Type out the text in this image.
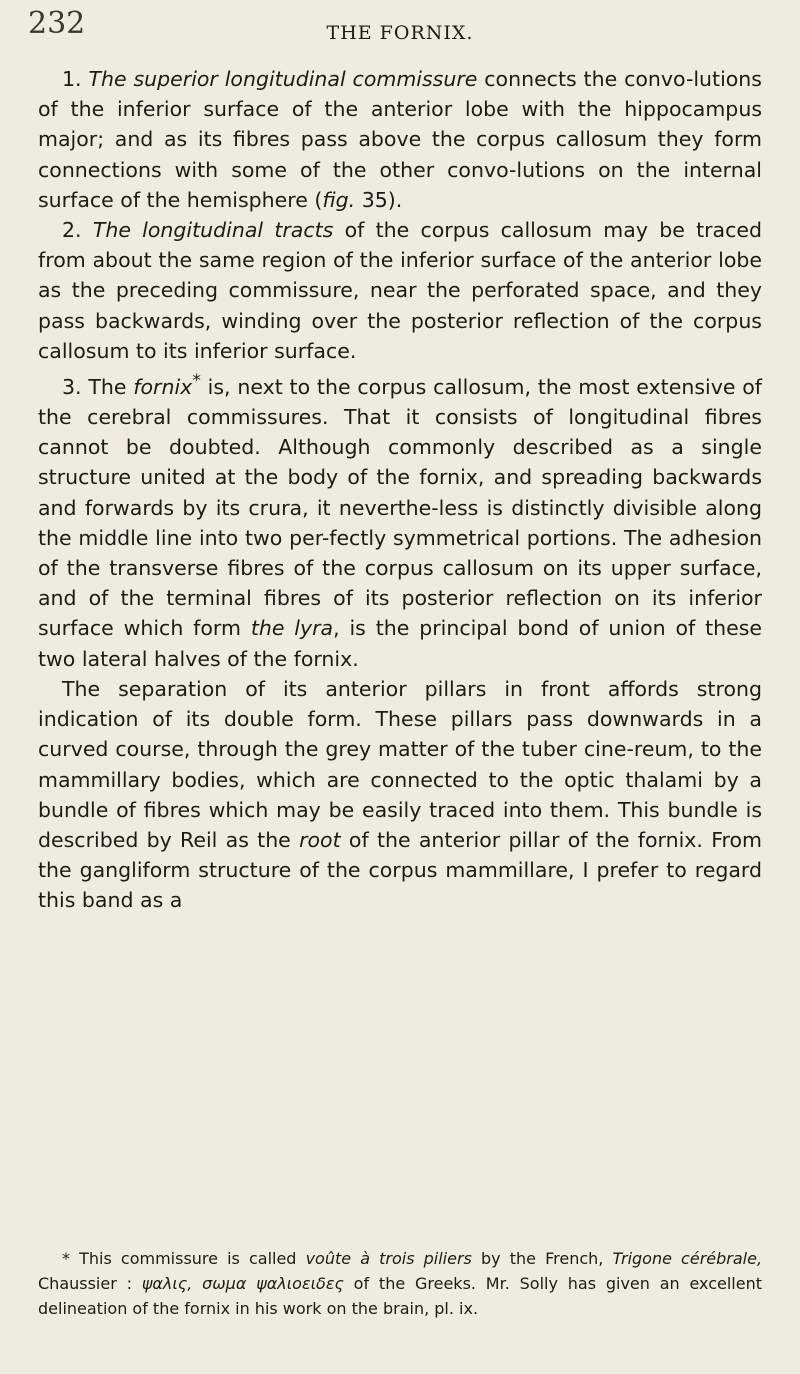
232	THE FORNIX.

1. The superior longitudinal commissure connects the convo-lutions of the inferior surface of the anterior lobe with the hippocampus major; and as its fibres pass above the corpus callosum they form connections with some of the other convo-lutions on the internal surface of the hemisphere (fig. 35).

2. The longitudinal tracts of the corpus callosum may be traced from about the same region of the inferior surface of the anterior lobe as the preceding commissure, near the perforated space, and they pass backwards, winding over the posterior reflection of the corpus callosum to its inferior surface.

3. The fornix* is, next to the corpus callosum, the most extensive of the cerebral commissures. That it consists of longitudinal fibres cannot be doubted. Although commonly described as a single structure united at the body of the fornix, and spreading backwards and forwards by its crura, it neverthe-less is distinctly divisible along the middle line into two per-fectly symmetrical portions. The adhesion of the transverse fibres of the corpus callosum on its upper surface, and of the terminal fibres of its posterior reflection on its inferior surface which form the lyra, is the principal bond of union of these two lateral halves of the fornix.

The separation of its anterior pillars in front affords strong indication of its double form. These pillars pass downwards in a curved course, through the grey matter of the tuber cine-reum, to the mammillary bodies, which are connected to the optic thalami by a bundle of fibres which may be easily traced into them. This bundle is described by Reil as the root of the anterior pillar of the fornix. From the gangliform structure of the corpus mammillare, I prefer to regard this band as a

* This commissure is called voûte à trois piliers by the French, Trigone cérébrale, Chaussier : ψαλις, σωμα ψαλιοειδες of the Greeks. Mr. Solly has given an excellent delineation of the fornix in his work on the brain, pl. ix.
